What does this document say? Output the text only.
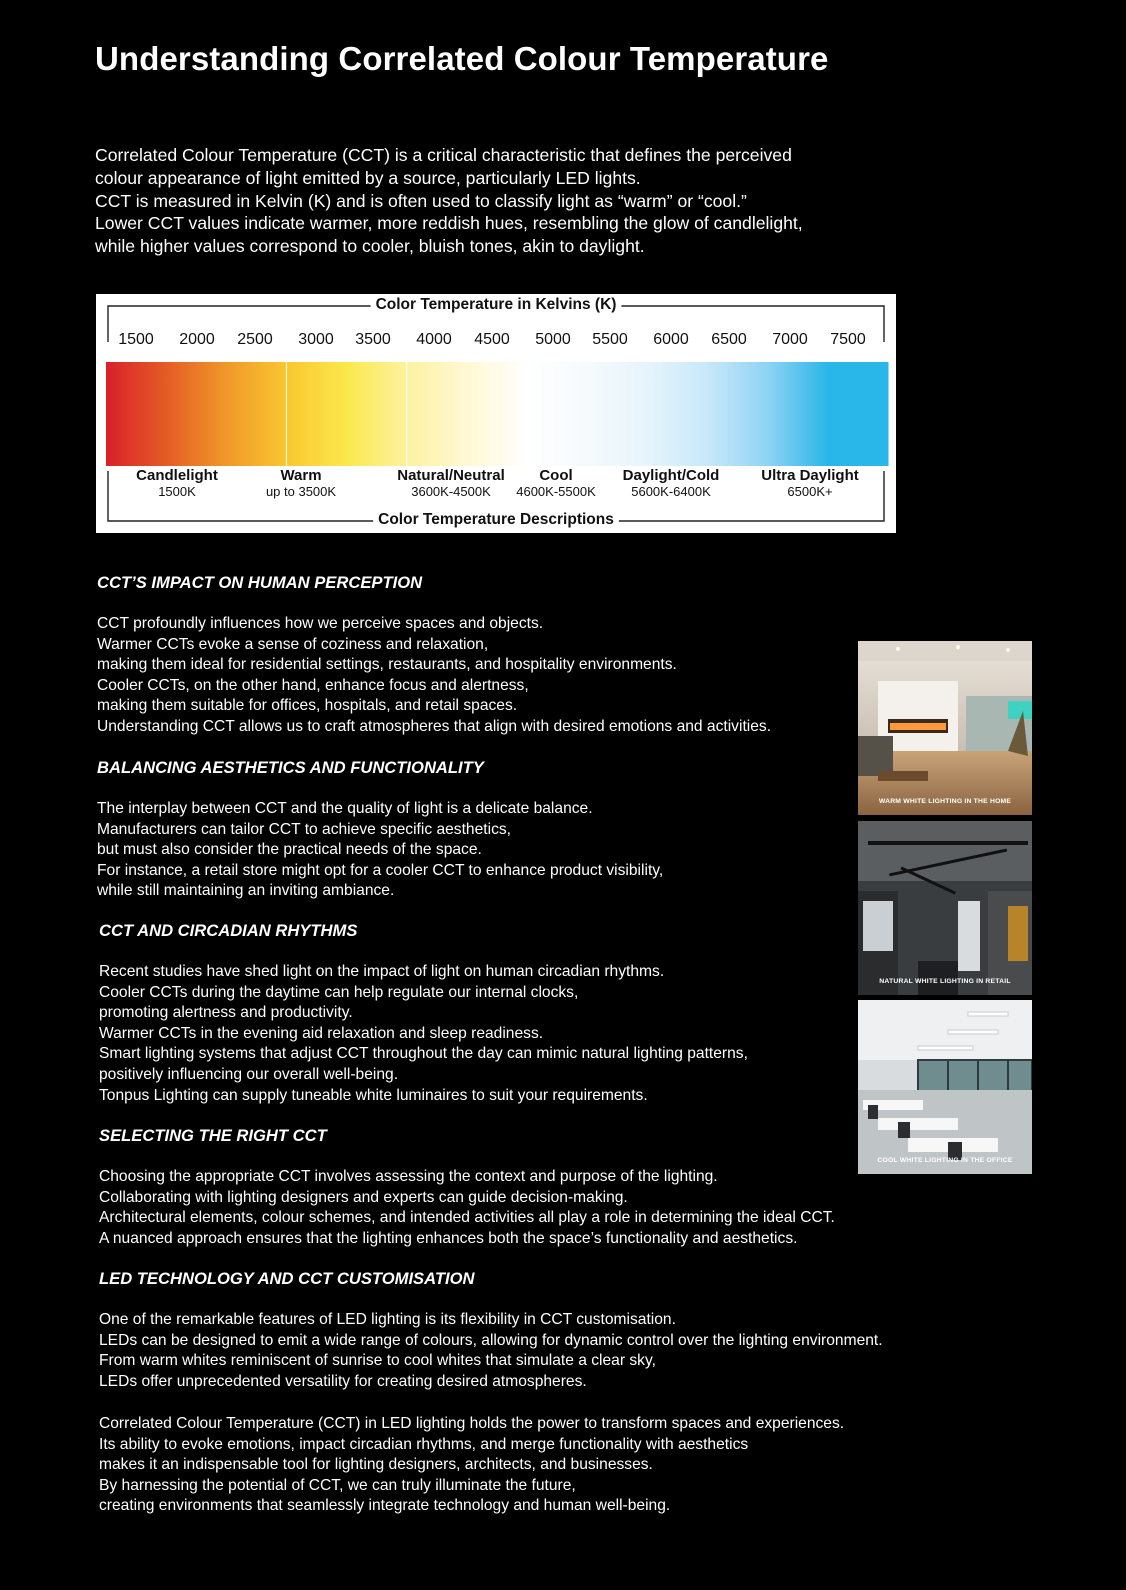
Understanding Correlated Colour Temperature

Correlated Colour Temperature (CCT) is a critical characteristic that defines the perceived
colour appearance of light emitted by a source, particularly LED lights.
CCT is measured in Kelvin (K) and is often used to classify light as “warm” or “cool.”
Lower CCT values indicate warmer, more reddish hues, resembling the glow of candlelight,
while higher values correspond to cooler, bluish tones, akin to daylight.

Color Temperature in Kelvins (K)
Color Temperature Descriptions
1500 2000 2500 3000 3500 4000 4500 5000 5500 6000 6500 7000 7500
Candlelight
1500K
Warm
up to 3500K
Natural/Neutral
3600K-4500K
Cool
4600K-5500K
Daylight/Cold
5600K-6400K
Ultra Daylight
6500K+
CCT’S IMPACT ON HUMAN PERCEPTION

CCT profoundly influences how we perceive spaces and objects.
Warmer CCTs evoke a sense of coziness and relaxation,
making them ideal for residential settings, restaurants, and hospitality environments.
Cooler CCTs, on the other hand, enhance focus and alertness,
making them suitable for offices, hospitals, and retail spaces.
Understanding CCT allows us to craft atmospheres that align with desired emotions and activities.

BALANCING AESTHETICS AND FUNCTIONALITY

The interplay between CCT and the quality of light is a delicate balance.
Manufacturers can tailor CCT to achieve specific aesthetics,
but must also consider the practical needs of the space.
For instance, a retail store might opt for a cooler CCT to enhance product visibility,
while still maintaining an inviting ambiance.

CCT AND CIRCADIAN RHYTHMS

Recent studies have shed light on the impact of light on human circadian rhythms.
Cooler CCTs during the daytime can help regulate our internal clocks,
promoting alertness and productivity.
Warmer CCTs in the evening aid relaxation and sleep readiness.
Smart lighting systems that adjust CCT throughout the day can mimic natural lighting patterns,
positively influencing our overall well-being.
Tonpus Lighting can supply tuneable white luminaires to suit your requirements.

SELECTING THE RIGHT CCT

Choosing the appropriate CCT involves assessing the context and purpose of the lighting.
Collaborating with lighting designers and experts can guide decision-making.
Architectural elements, colour schemes, and intended activities all play a role in determining the ideal CCT.
A nuanced approach ensures that the lighting enhances both the space’s functionality and aesthetics.

LED TECHNOLOGY AND CCT CUSTOMISATION

One of the remarkable features of LED lighting is its flexibility in CCT customisation.
LEDs can be designed to emit a wide range of colours, allowing for dynamic control over the lighting environment.
From warm whites reminiscent of sunrise to cool whites that simulate a clear sky,
LEDs offer unprecedented versatility for creating desired atmospheres.

Correlated Colour Temperature (CCT) in LED lighting holds the power to transform spaces and experiences.
Its ability to evoke emotions, impact circadian rhythms, and merge functionality with aesthetics
makes it an indispensable tool for lighting designers, architects, and businesses.
By harnessing the potential of CCT, we can truly illuminate the future,
creating environments that seamlessly integrate technology and human well-being.

WARM WHITE LIGHTING IN THE HOME
NATURAL WHITE LIGHTING IN RETAIL
COOL WHITE LIGHTING IN THE OFFICE
